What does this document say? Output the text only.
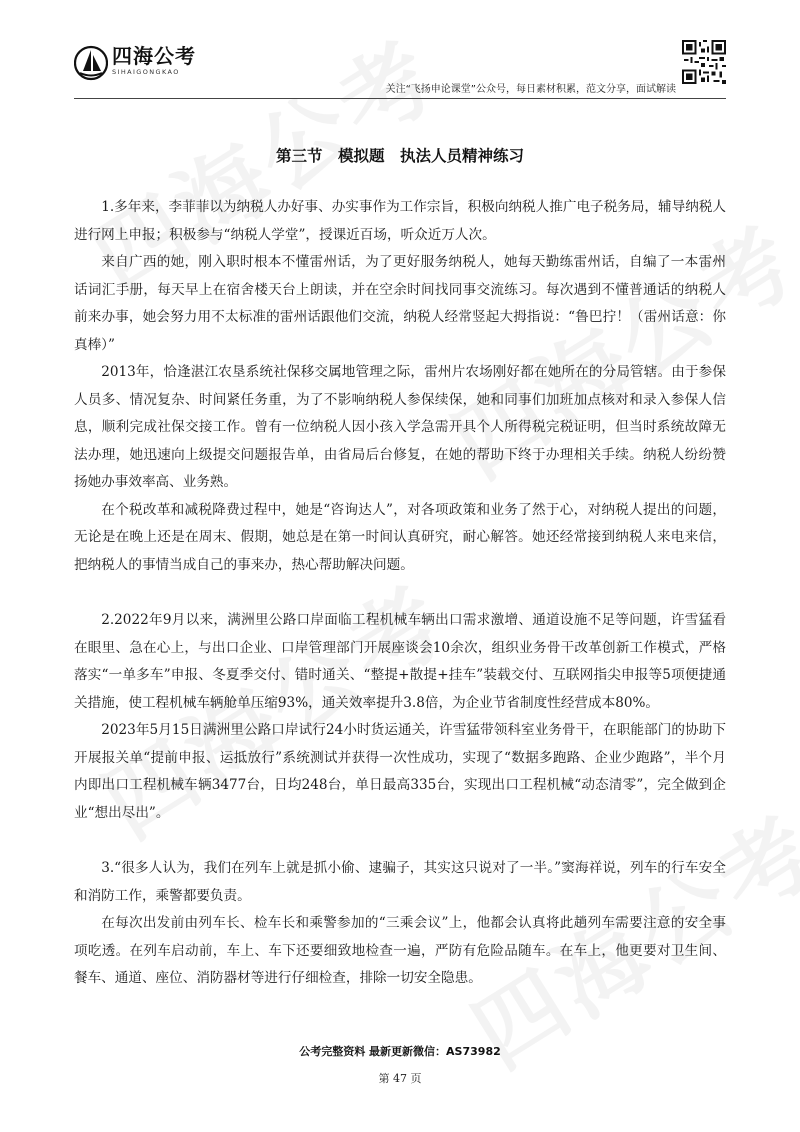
四海公考
SIHAIGONGKAO
关注“飞扬申论课堂”公众号，每日素材积累，范文分享，面试解读
第三节　模拟题　执法人员精神练习

1.多年来，李菲菲以为纳税人办好事、办实事作为工作宗旨，积极向纳税人推广电子税务局，辅导纳税人进行网上申报；积极参与“纳税人学堂”，授课近百场，听众近万人次。

来自广西的她，刚入职时根本不懂雷州话，为了更好服务纳税人，她每天勤练雷州话，自编了一本雷州话词汇手册，每天早上在宿舍楼天台上朗读，并在空余时间找同事交流练习。每次遇到不懂普通话的纳税人前来办事，她会努力用不太标准的雷州话跟他们交流，纳税人经常竖起大拇指说：“鲁巴拧！（雷州话意：你真棒）”

2013年，恰逢湛江农垦系统社保移交属地管理之际，雷州片农场刚好都在她所在的分局管辖。由于参保人员多、情况复杂、时间紧任务重，为了不影响纳税人参保续保，她和同事们加班加点核对和录入参保人信息，顺利完成社保交接工作。曾有一位纳税人因小孩入学急需开具个人所得税完税证明，但当时系统故障无法办理，她迅速向上级提交问题报告单，由省局后台修复，在她的帮助下终于办理相关手续。纳税人纷纷赞扬她办事效率高、业务熟。

在个税改革和减税降费过程中，她是“咨询达人”，对各项政策和业务了然于心，对纳税人提出的问题，无论是在晚上还是在周末、假期，她总是在第一时间认真研究，耐心解答。她还经常接到纳税人来电来信，把纳税人的事情当成自己的事来办，热心帮助解决问题。

2.2022年9月以来，满洲里公路口岸面临工程机械车辆出口需求激增、通道设施不足等问题，许雪猛看在眼里、急在心上，与出口企业、口岸管理部门开展座谈会10余次，组织业务骨干改革创新工作模式，严格落实“一单多车”申报、冬夏季交付、错时通关、“整提+散提+挂车”装载交付、互联网指尖申报等5项便捷通关措施，使工程机械车辆舱单压缩93%，通关效率提升3.8倍，为企业节省制度性经营成本80%。

2023年5月15日满洲里公路口岸试行24小时货运通关，许雪猛带领科室业务骨干，在职能部门的协助下开展报关单“提前申报、运抵放行”系统测试并获得一次性成功，实现了“数据多跑路、企业少跑路”，半个月内即出口工程机械车辆3477台，日均248台，单日最高335台，实现出口工程机械“动态清零”，完全做到企业“想出尽出”。

3.“很多人认为，我们在列车上就是抓小偷、逮骗子，其实这只说对了一半。”窦海祥说，列车的行车安全和消防工作，乘警都要负责。

在每次出发前由列车长、检车长和乘警参加的“三乘会议”上，他都会认真将此趟列车需要注意的安全事项吃透。在列车启动前，车上、车下还要细致地检查一遍，严防有危险品随车。在车上，他更要对卫生间、餐车、通道、座位、消防器材等进行仔细检查，排除一切安全隐患。

公考完整资料 最新更新微信：AS73982
第 47 页
